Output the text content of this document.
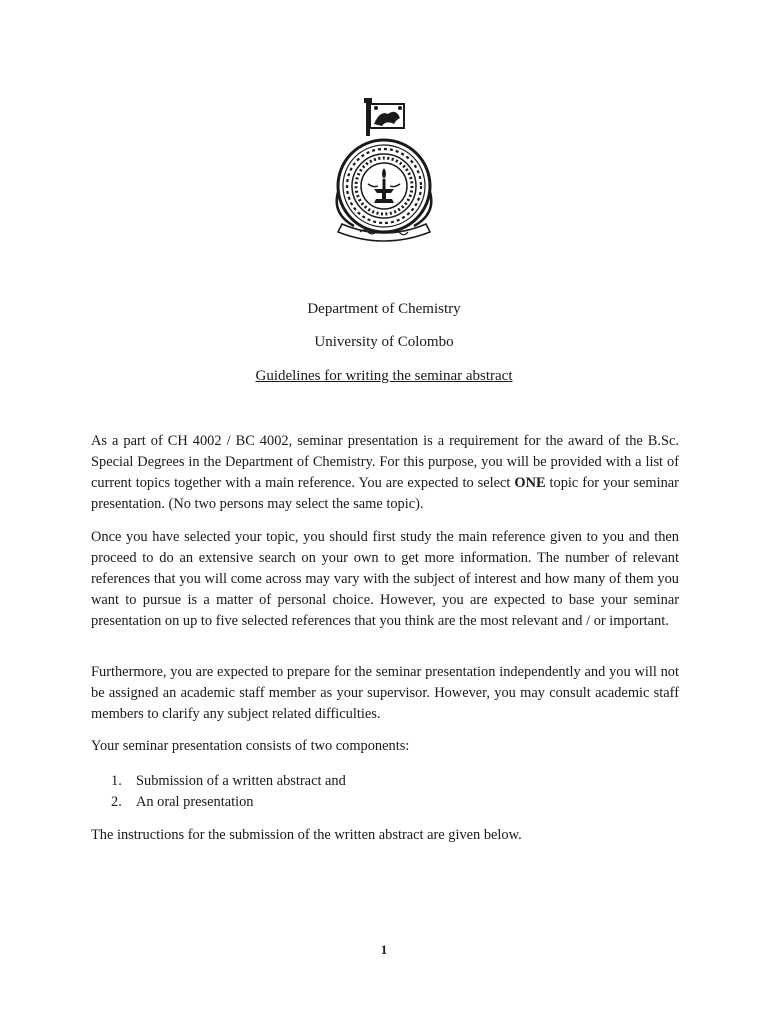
Department of Chemistry
University of Colombo
Guidelines for writing the seminar abstract
As a part of CH 4002 / BC 4002, seminar presentation is a requirement for the award of the B.Sc. Special Degrees in the Department of Chemistry. For this purpose, you will be provided with a list of current topics together with a main reference. You are expected to select ONE topic for your seminar presentation. (No two persons may select the same topic).
Once you have selected your topic, you should first study the main reference given to you and then proceed to do an extensive search on your own to get more information. The number of relevant references that you will come across may vary with the subject of interest and how many of them you want to pursue is a matter of personal choice. However, you are expected to base your seminar presentation on up to five selected references that you think are the most relevant and / or important.
Furthermore, you are expected to prepare for the seminar presentation independently and you will not be assigned an academic staff member as your supervisor. However, you may consult academic staff members to clarify any subject related difficulties.
Your seminar presentation consists of two components:
1. Submission of a written abstract and
2. An oral presentation
The instructions for the submission of the written abstract are given below.
1
